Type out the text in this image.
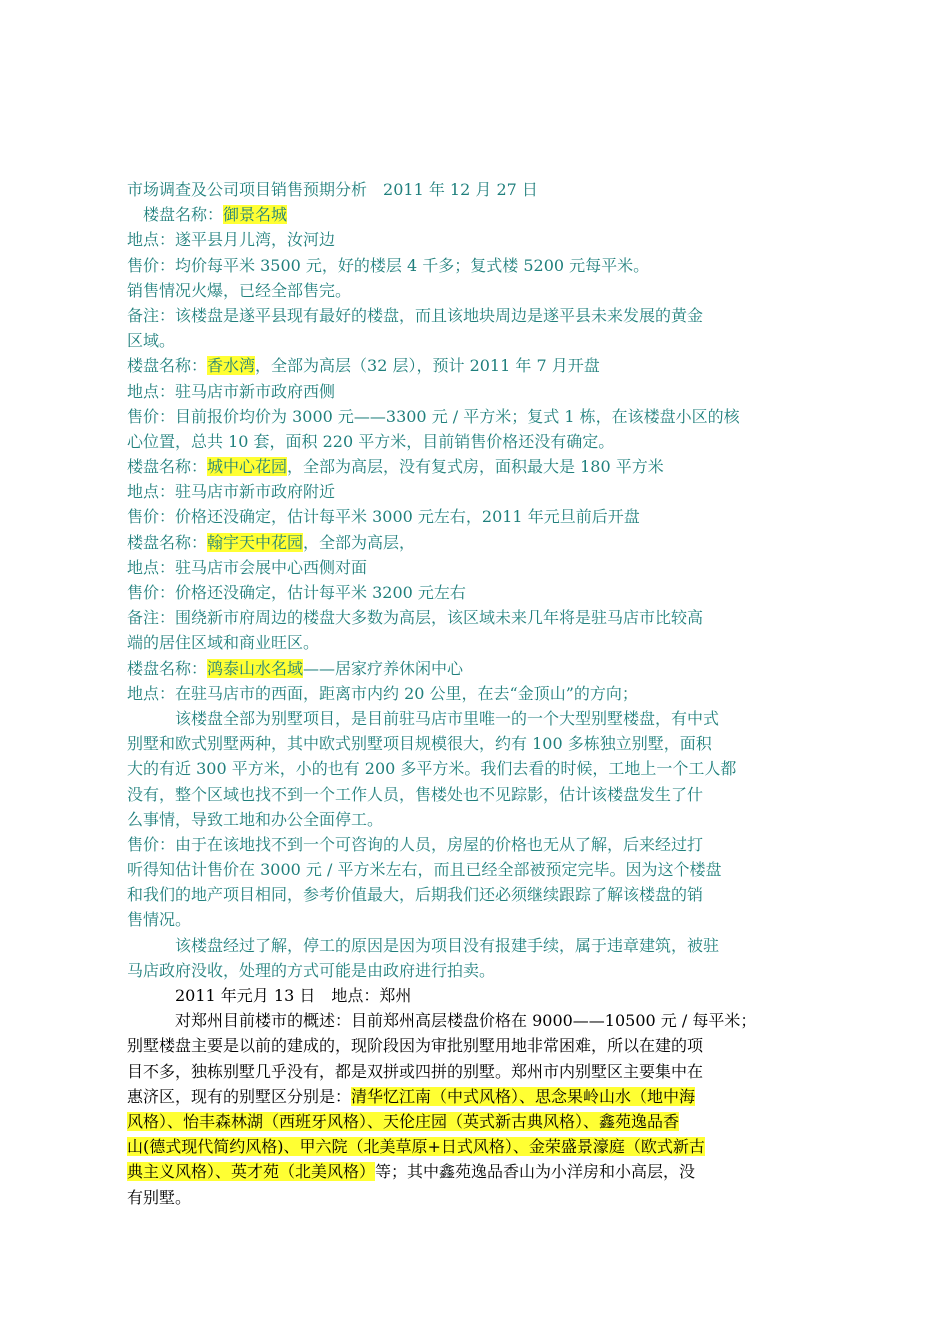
市场调查及公司项目销售预期分析　 2011 年 12 月 27 日
楼盘名称：御景名城
地点：遂平县月儿湾，汝河边
售价：均价每平米 3500 元，好的楼层 4 千多；复式楼 5200 元每平米。
销售情况火爆，已经全部售完。
备注：该楼盘是遂平县现有最好的楼盘，而且该地块周边是遂平县未来发展的黄金
区域。
楼盘名称：香水湾，全部为高层（32 层），预计 2011 年 7 月开盘
地点：驻马店市新市政府西侧
售价：目前报价均价为 3000 元——3300 元 / 平方米；复式 1 栋，在该楼盘小区的核
心位置，总共 10 套，面积 220 平方米，目前销售价格还没有确定。
楼盘名称：城中心花园，全部为高层，没有复式房，面积最大是 180 平方米
地点：驻马店市新市政府附近
售价：价格还没确定，估计每平米 3000 元左右，2011 年元旦前后开盘
楼盘名称：翰宇天中花园，全部为高层，
地点：驻马店市会展中心西侧对面
售价：价格还没确定，估计每平米 3200 元左右
备注：围绕新市府周边的楼盘大多数为高层，该区域未来几年将是驻马店市比较高
端的居住区域和商业旺区。
楼盘名称：鸿泰山水名域——居家疗养休闲中心
地点：在驻马店市的西面，距离市内约 20 公里，在去“金顶山”的方向；
该楼盘全部为别墅项目，是目前驻马店市里唯一的一个大型别墅楼盘，有中式
别墅和欧式别墅两种，其中欧式别墅项目规模很大，约有 100 多栋独立别墅，面积
大的有近 300 平方米，小的也有 200 多平方米。我们去看的时候，工地上一个工人都
没有，整个区域也找不到一个工作人员，售楼处也不见踪影，估计该楼盘发生了什
么事情，导致工地和办公全面停工。
售价：由于在该地找不到一个可咨询的人员，房屋的价格也无从了解，后来经过打
听得知估计售价在 3000 元 / 平方米左右，而且已经全部被预定完毕。因为这个楼盘
和我们的地产项目相同，参考价值最大，后期我们还必须继续跟踪了解该楼盘的销
售情况。
该楼盘经过了解，停工的原因是因为项目没有报建手续，属于违章建筑，被驻
马店政府没收，处理的方式可能是由政府进行拍卖。
2011 年元月 13 日　地点：郑州
对郑州目前楼市的概述：目前郑州高层楼盘价格在 9000——10500 元 / 每平米；
别墅楼盘主要是以前的建成的，现阶段因为审批别墅用地非常困难，所以在建的项
目不多，独栋别墅几乎没有，都是双拼或四拼的别墅。郑州市内别墅区主要集中在
惠济区，现有的别墅区分别是：清华忆江南（中式风格）、思念果岭山水（地中海
风格）、怡丰森林湖（西班牙风格）、天伦庄园（英式新古典风格）、鑫苑逸品香
山(德式现代简约风格)、甲六院（北美草原+日式风格）、金荣盛景濠庭（欧式新古
典主义风格）、英才苑（北美风格）等；其中鑫苑逸品香山为小洋房和小高层，没
有别墅。
